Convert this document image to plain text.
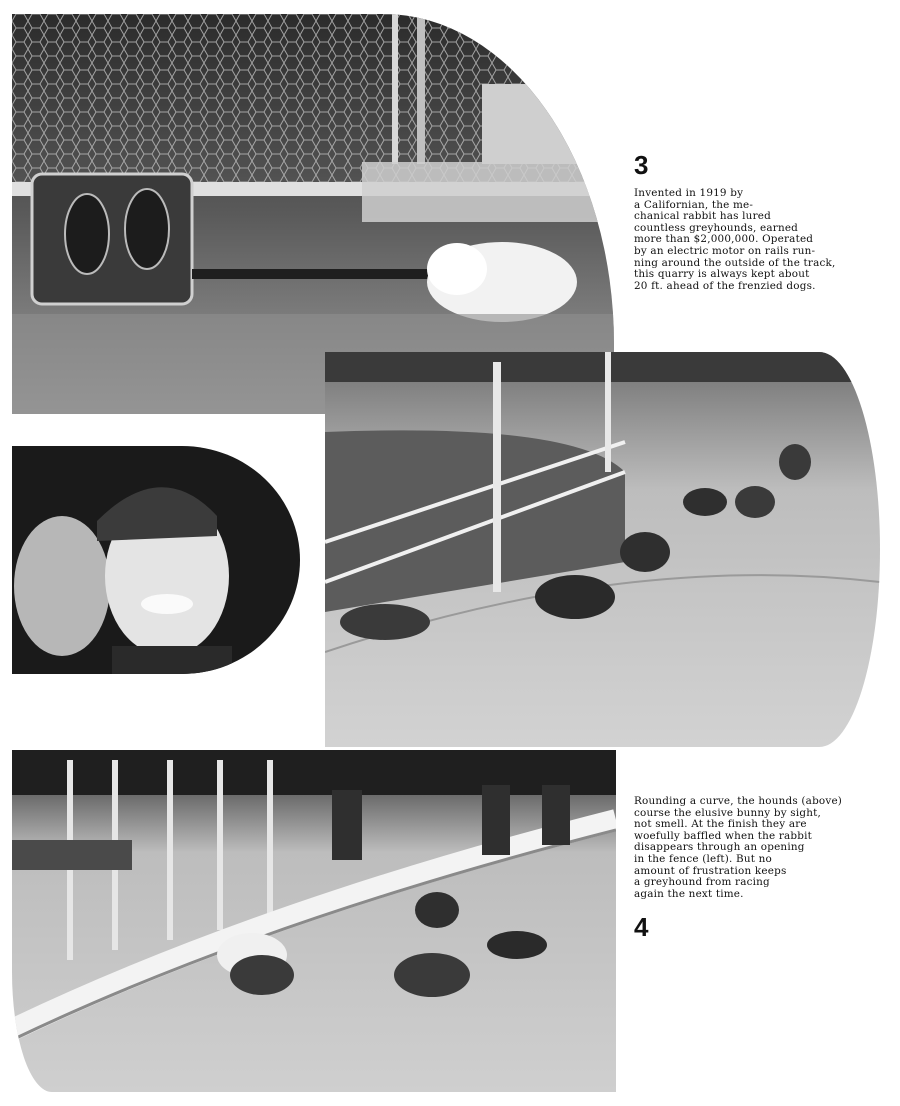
3

Invented in 1919 by
a Californian, the me-
chanical rabbit has lured
countless greyhounds, earned
more than $2,000,000. Operated
by an electric motor on rails run-
ning around the outside of the track,
this quarry is always kept about
20 ft. ahead of the frenzied dogs.

Rounding a curve, the hounds (above)
course the elusive bunny by sight,
not smell. At the finish they are
woefully baffled when the rabbit
disappears through an opening
in the fence (left). But no
amount of frustration keeps
a greyhound from racing
again the next time.

4
